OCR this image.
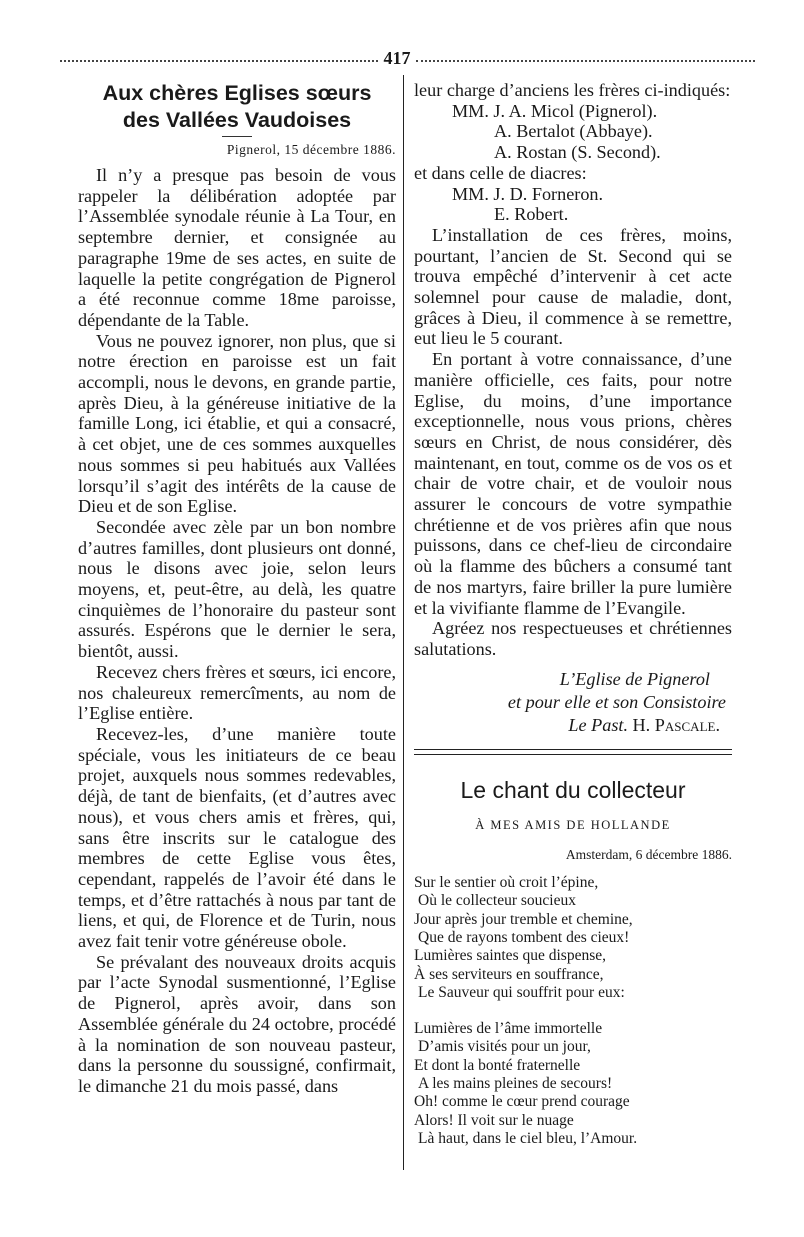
417
Aux chères Eglises sœurs
des Vallées Vaudoises
Pignerol, 15 décembre 1886.

Il n’y a presque pas besoin de vous rappeler la délibération adoptée par l’Assemblée synodale réunie à La Tour, en septembre dernier, et consignée au paragraphe 19me de ses actes, en suite de laquelle la petite congrégation de Pignerol a été reconnue comme 18me paroisse, dépendante de la Table.

Vous ne pouvez ignorer, non plus, que si notre érection en paroisse est un fait accompli, nous le devons, en grande partie, après Dieu, à la généreuse initiative de la famille Long, ici établie, et qui a consacré, à cet objet, une de ces sommes auxquelles nous sommes si peu habitués aux Vallées lorsqu’il s’agit des intérêts de la cause de Dieu et de son Eglise.

Secondée avec zèle par un bon nombre d’autres familles, dont plusieurs ont donné, nous le disons avec joie, selon leurs moyens, et, peut-être, au delà, les quatre cinquièmes de l’honoraire du pasteur sont assurés. Espérons que le dernier le sera, bientôt, aussi.

Recevez chers frères et sœurs, ici encore, nos chaleureux remercîments, au nom de l’Eglise entière.

Recevez-les, d’une manière toute spéciale, vous les initiateurs de ce beau projet, auxquels nous sommes redevables, déjà, de tant de bienfaits, (et d’autres avec nous), et vous chers amis et frères, qui, sans être inscrits sur le catalogue des membres de cette Eglise vous êtes, cependant, rappelés de l’avoir été dans le temps, et d’être rattachés à nous par tant de liens, et qui, de Florence et de Turin, nous avez fait tenir votre généreuse obole.

Se prévalant des nouveaux droits acquis par l’acte Synodal susmentionné, l’Eglise de Pignerol, après avoir, dans son Assemblée générale du 24 octobre, procédé à la nomination de son nouveau pasteur, dans la personne du soussigné, confirmait, le dimanche 21 du mois passé, dans

leur charge d’anciens les frères ci-indiqués:

MM. J. A. Micol (Pignerol).
A. Bertalot (Abbaye).
A. Rostan (S. Second).

et dans celle de diacres:

MM. J. D. Forneron.
E. Robert.

L’installation de ces frères, moins, pourtant, l’ancien de St. Second qui se trouva empêché d’intervenir à cet acte solemnel pour cause de maladie, dont, grâces à Dieu, il commence à se remettre, eut lieu le 5 courant.

En portant à votre connaissance, d’une manière officielle, ces faits, pour notre Eglise, du moins, d’une importance exceptionnelle, nous vous prions, chères sœurs en Christ, de nous considérer, dès maintenant, en tout, comme os de vos os et chair de votre chair, et de vouloir nous assurer le concours de votre sympathie chrétienne et de vos prières afin que nous puissons, dans ce chef-lieu de circondaire où la flamme des bûchers a consumé tant de nos martyrs, faire briller la pure lumière et la vivifiante flamme de l’Evangile.

Agréez nos respectueuses et chrétiennes salutations.

L’Eglise de Pignerol
et pour elle et son Consistoire
Le Past. H. Pascale.
Le chant du collecteur
À MES AMIS DE HOLLANDE
Amsterdam, 6 décembre 1886.
Sur le sentier où croit l’épine,
Où le collecteur soucieux
Jour après jour tremble et chemine,
Que de rayons tombent des cieux!
Lumières saintes que dispense,
À ses serviteurs en souffrance,
Le Sauveur qui souffrit pour eux:
Lumières de l’âme immortelle
D’amis visités pour un jour,
Et dont la bonté fraternelle
A les mains pleines de secours!
Oh! comme le cœur prend courage
Alors! Il voit sur le nuage
Là haut, dans le ciel bleu, l’Amour.
